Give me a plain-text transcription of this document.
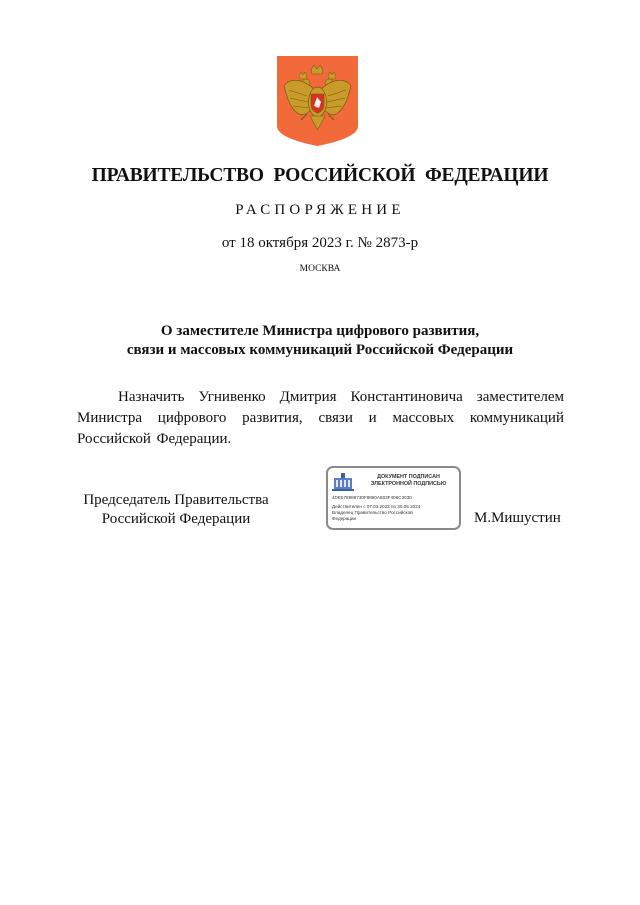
ПРАВИТЕЛЬСТВО РОССИЙСКОЙ ФЕДЕРАЦИИ
РАСПОРЯЖЕНИЕ
от 18 октября 2023 г. № 2873-р
МОСКВА
О заместителе Министра цифрового развития,
связи и массовых коммуникаций Российской Федерации
Назначить Угнивенко Дмитрия Константиновича заместителем Министра цифрового развития, связи и массовых коммуникаций Российской Федерации.
Председатель Правительства
Российской Федерации
ДОКУМЕНТ ПОДПИСАН
ЭЛЕКТРОННОЙ ПОДПИСЬЮ
4DE578888730F8880A803F406C3030
Действителен с 07.03.2023 по 30.05.2024
Владелец Правительство Российской
Федерации	М.Мишустин
